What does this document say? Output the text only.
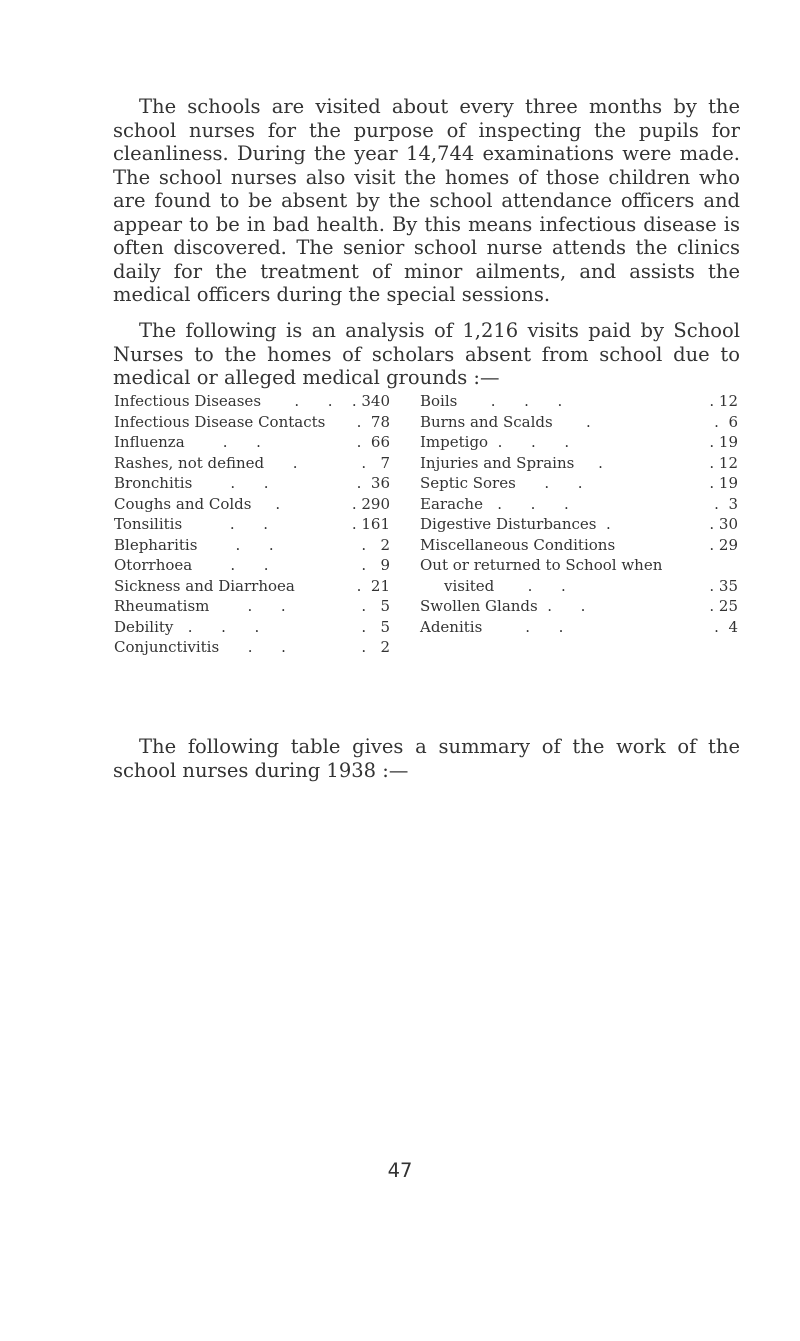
The schools are visited about every three months by the school nurses for the purpose of inspecting the pupils for cleanliness. During the year 14,744 examinations were made. The school nurses also visit the homes of those children who are found to be absent by the school attendance officers and appear to be in bad health. By this means infectious disease is often discovered. The senior school nurse attends the clinics daily for the treatment of minor ailments, and assists the medical officers during the special sessions.

The following is an analysis of 1,216 visits paid by School Nurses to the homes of scholars absent from school due to medical or alleged medical grounds :—

Infectious Diseases       .      . . 340
Infectious Disease Contacts .  78
Influenza        .      .	.  66
Rashes, not defined      .	.   7
Bronchitis        .      .	.  36
Coughs and Colds     .	. 290
Tonsilitis          .      .	. 161
Blepharitis        .      .	.   2
Otorrhoea        .      .	.   9
Sickness and Diarrhoea	.  21
Rheumatism        .      .	.   5
Debility   .      .      .	.   5
Conjunctivitis      .      .	.   2
Boils       .      .      .	. 12
Burns and Scalds       .	.  6
Impetigo  .      .      .	. 19
Injuries and Sprains     .	. 12
Septic Sores      .      .	. 19
Earache   .      .      .	.  3
Digestive Disturbances  .	. 30
Miscellaneous Conditions	. 29
Out or returned to School when
visited       .      .	. 35
Swollen Glands  .      .	. 25
Adenitis         .      .	.  4

The following table gives a summary of the work of the school nurses during 1938 :—

47
